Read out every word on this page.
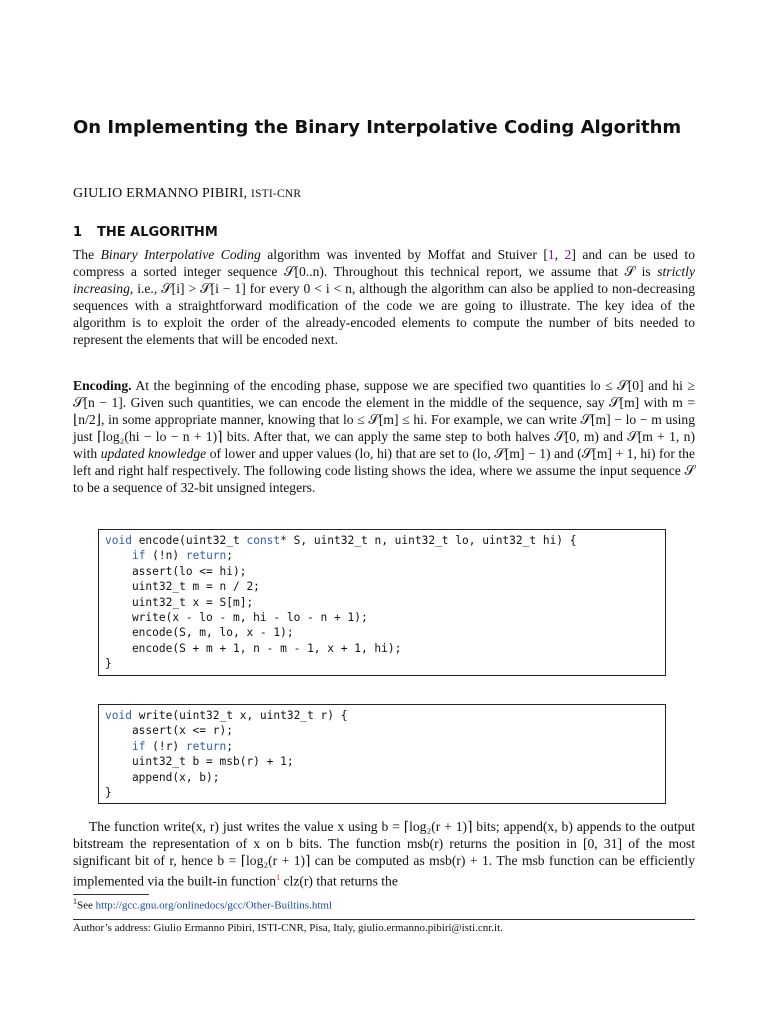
On Implementing the Binary Interpolative Coding Algorithm

GIULIO ERMANNO PIBIRI, ISTI-CNR

1 THE ALGORITHM

The Binary Interpolative Coding algorithm was invented by Moffat and Stuiver [1, 2] and can be used to compress a sorted integer sequence 𝒮[0..n). Throughout this technical report, we assume that 𝒮 is strictly increasing, i.e., 𝒮[i] > 𝒮[i − 1] for every 0 < i < n, although the algorithm can also be applied to non-decreasing sequences with a straightforward modification of the code we are going to illustrate. The key idea of the algorithm is to exploit the order of the already-encoded elements to compute the number of bits needed to represent the elements that will be encoded next.

Encoding. At the beginning of the encoding phase, suppose we are specified two quantities lo ≤ 𝒮[0] and hi ≥ 𝒮[n − 1]. Given such quantities, we can encode the element in the middle of the sequence, say 𝒮[m] with m = ⌊n/2⌋, in some appropriate manner, knowing that lo ≤ 𝒮[m] ≤ hi. For example, we can write 𝒮[m] − lo − m using just ⌈log₂(hi − lo − n + 1)⌉ bits. After that, we can apply the same step to both halves 𝒮[0, m) and 𝒮[m + 1, n) with updated knowledge of lower and upper values (lo, hi) that are set to (lo, 𝒮[m] − 1) and (𝒮[m] + 1, hi) for the left and right half respectively. The following code listing shows the idea, where we assume the input sequence 𝒮 to be a sequence of 32-bit unsigned integers.

void encode(uint32_t const* S, uint32_t n, uint32_t lo, uint32_t hi) {
if (!n) return;
assert(lo <= hi);
uint32_t m = n / 2;
uint32_t x = S[m];
write(x - lo - m, hi - lo - n + 1);
encode(S, m, lo, x - 1);
encode(S + m + 1, n - m - 1, x + 1, hi);
}
void write(uint32_t x, uint32_t r) {
assert(x <= r);
if (!r) return;
uint32_t b = msb(r) + 1;
append(x, b);
}

The function write(x, r) just writes the value x using b = ⌈log₂(r + 1)⌉ bits; append(x, b) appends to the output bitstream the representation of x on b bits. The function msb(r) returns the position in [0, 31] of the most significant bit of r, hence b = ⌈log₂(r + 1)⌉ can be computed as msb(r) + 1. The msb function can be efficiently implemented via the built-in function$^1$ clz(r) that returns the

$^1$See http://gcc.gnu.org/onlinedocs/gcc/Other-Builtins.html

Author’s address: Giulio Ermanno Pibiri, ISTI-CNR, Pisa, Italy, giulio.ermanno.pibiri@isti.cnr.it.
